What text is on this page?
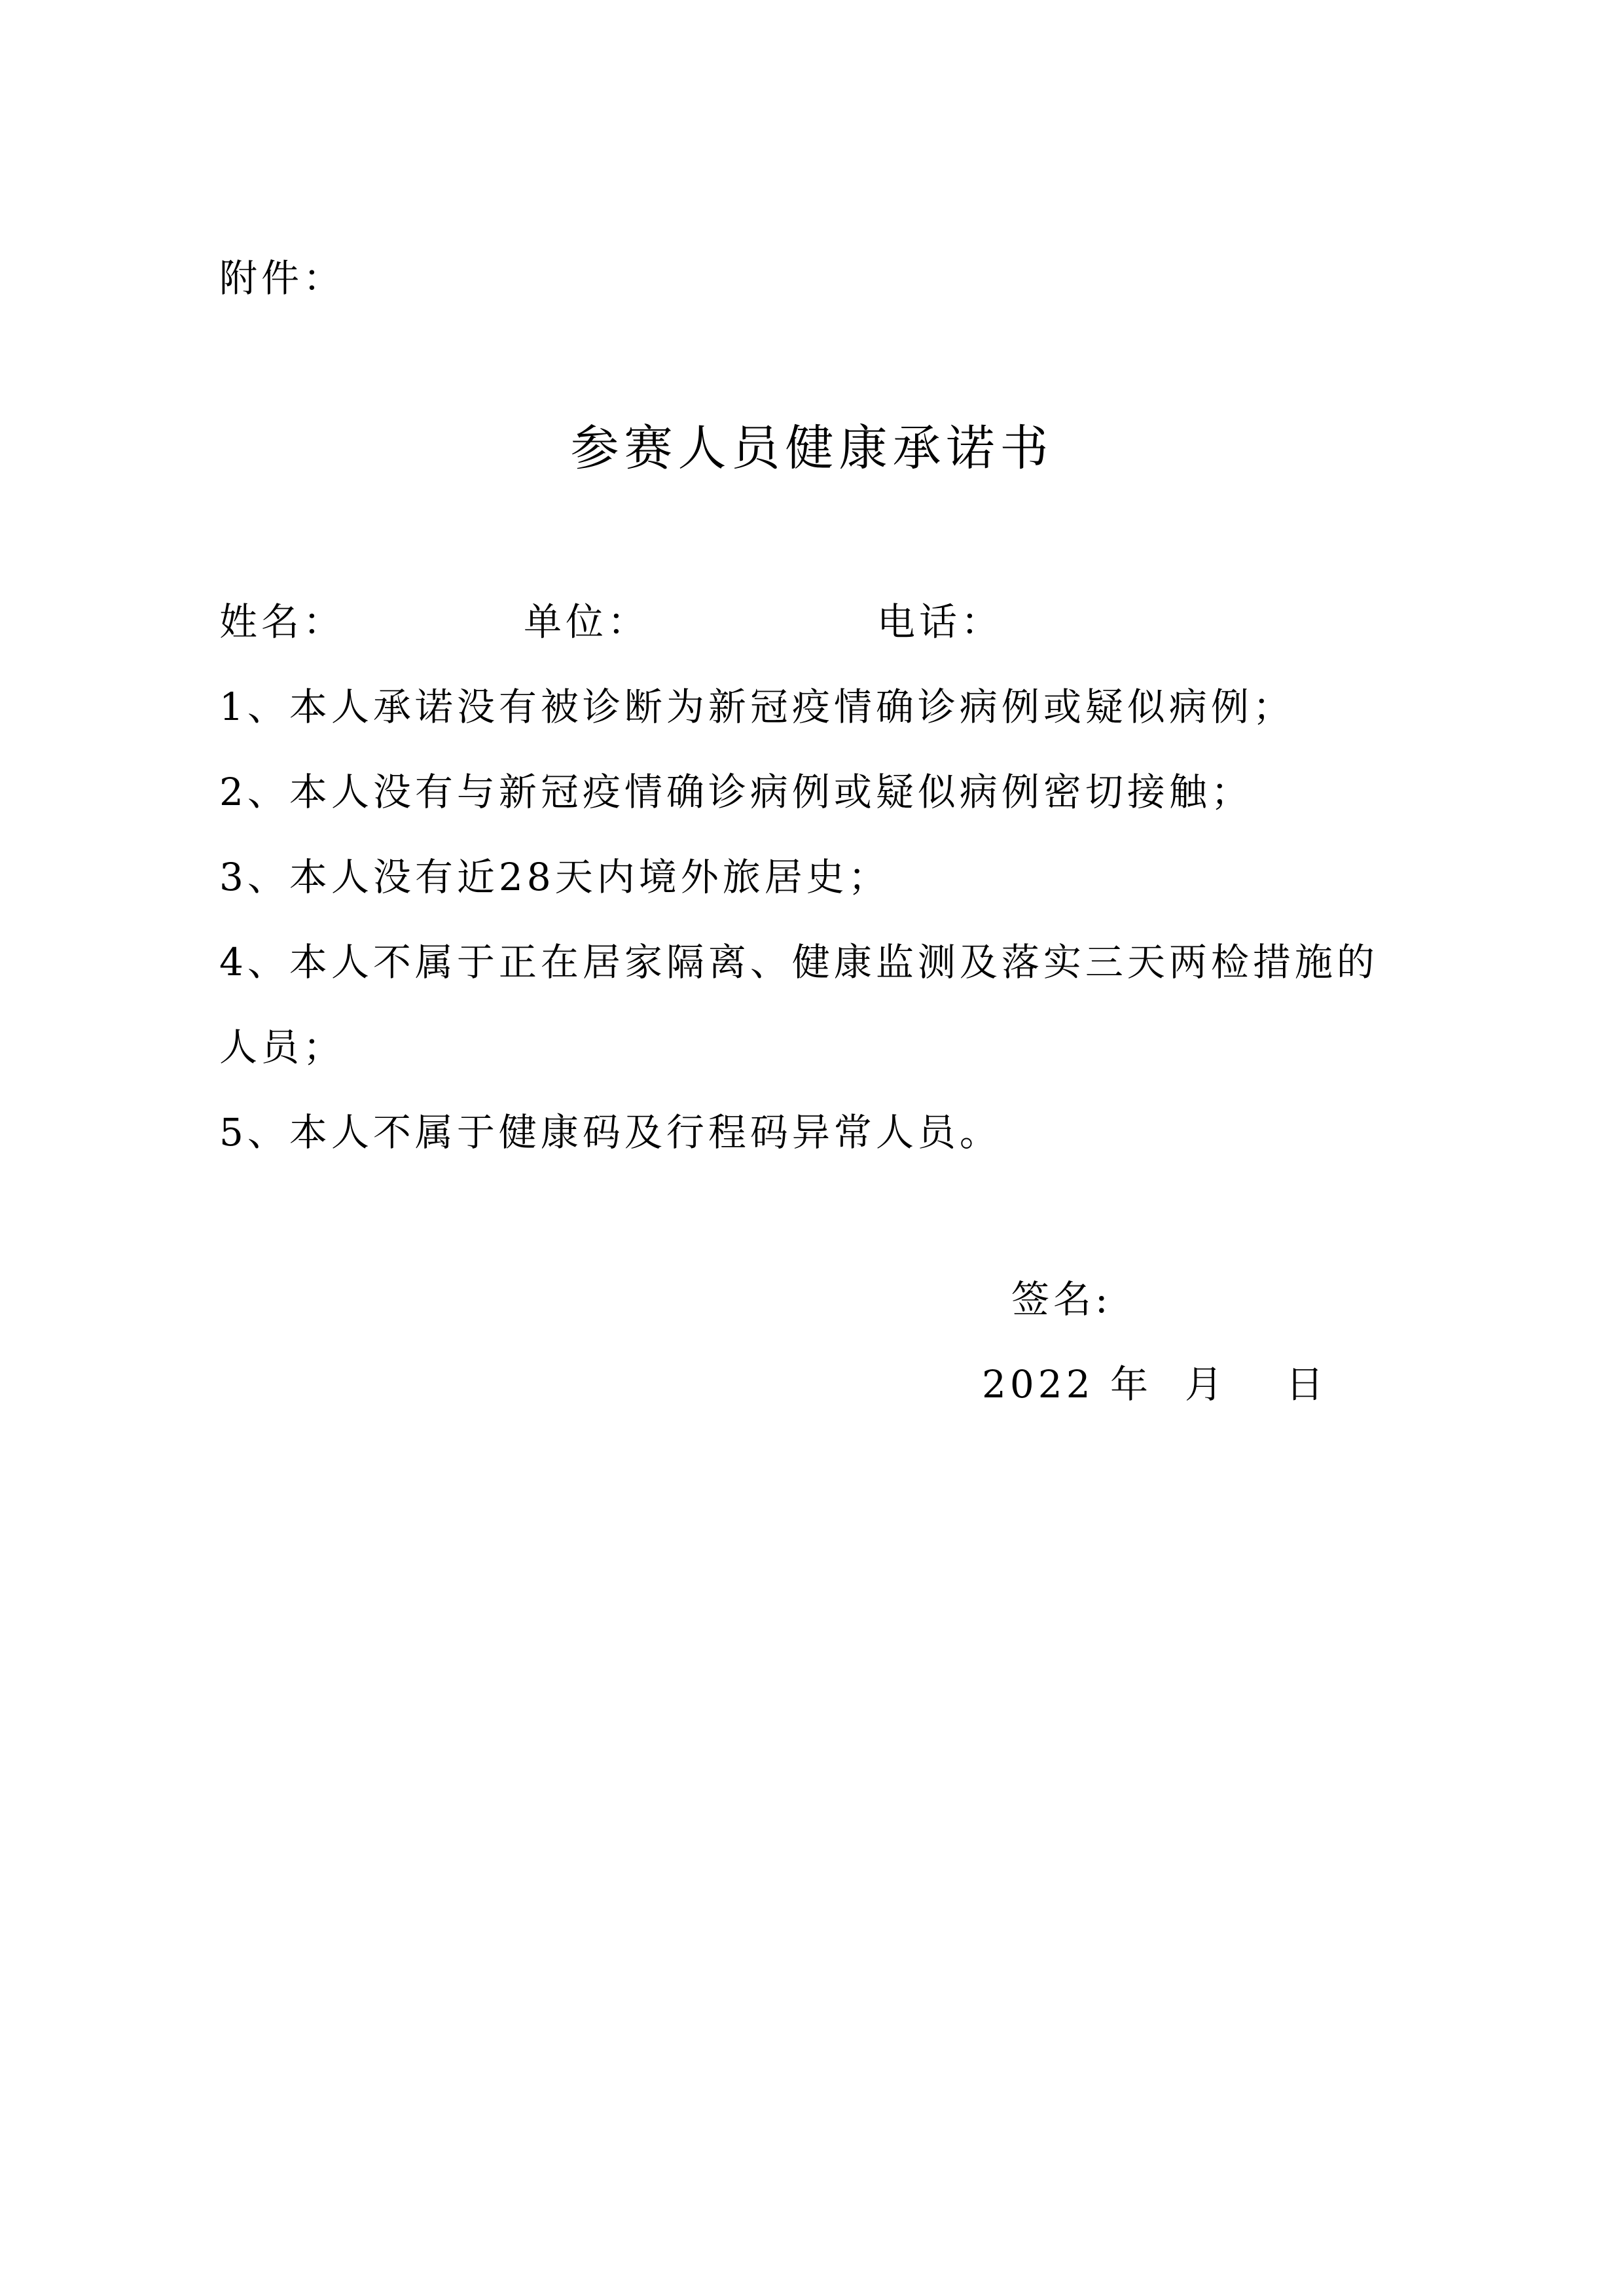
附件：
参赛人员健康承诺书
姓名：	单位：	电话：
1、本人承诺没有被诊断为新冠疫情确诊病例或疑似病例；
2、本人没有与新冠疫情确诊病例或疑似病例密切接触；
3、本人没有近28天内境外旅居史；
4、本人不属于正在居家隔离、健康监测及落实三天两检措施的
人员；
5、本人不属于健康码及行程码异常人员。
签名:
2022 年 月 日
